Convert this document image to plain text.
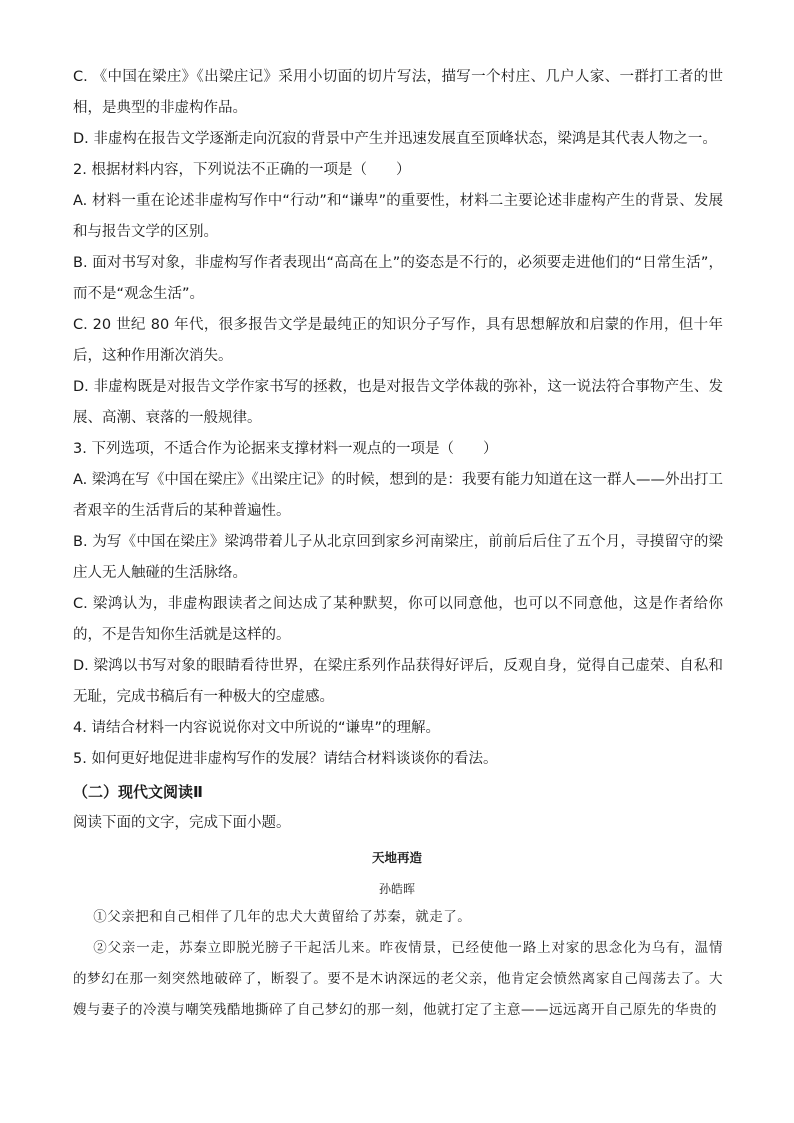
C. 《中国在梁庄》《出梁庄记》采用小切面的切片写法，描写一个村庄、几户人家、一群打工者的世相，是典型的非虚构作品。

D. 非虚构在报告文学逐渐走向沉寂的背景中产生并迅速发展直至顶峰状态，梁鸿是其代表人物之一。

2. 根据材料内容，下列说法不正确的一项是（　　）

A. 材料一重在论述非虚构写作中“行动”和“谦卑”的重要性，材料二主要论述非虚构产生的背景、发展和与报告文学的区别。

B. 面对书写对象，非虚构写作者表现出“高高在上”的姿态是不行的，必须要走进他们的“日常生活”，而不是“观念生活”。

C. 20 世纪 80 年代，很多报告文学是最纯正的知识分子写作，具有思想解放和启蒙的作用，但十年后，这种作用渐次消失。

D. 非虚构既是对报告文学作家书写的拯救，也是对报告文学体裁的弥补，这一说法符合事物产生、发展、高潮、衰落的一般规律。

3. 下列选项，不适合作为论据来支撑材料一观点的一项是（　　）

A. 梁鸿在写《中国在梁庄》《出梁庄记》的时候，想到的是：我要有能力知道在这一群人——外出打工者艰辛的生活背后的某种普遍性。

B. 为写《中国在梁庄》梁鸿带着儿子从北京回到家乡河南梁庄，前前后后住了五个月，寻摸留守的梁庄人无人触碰的生活脉络。

C. 梁鸿认为，非虚构跟读者之间达成了某种默契，你可以同意他，也可以不同意他，这是作者给你的，不是告知你生活就是这样的。

D. 梁鸿以书写对象的眼睛看待世界，在梁庄系列作品获得好评后，反观自身，觉得自己虚荣、自私和无耻，完成书稿后有一种极大的空虚感。

4. 请结合材料一内容说说你对文中所说的“谦卑”的理解。

5. 如何更好地促进非虚构写作的发展？请结合材料谈谈你的看法。

（二）现代文阅读Ⅱ

阅读下面的文字，完成下面小题。

天地再造

孙皓晖

①父亲把和自己相伴了几年的忠犬大黄留给了苏秦，就走了。

②父亲一走，苏秦立即脱光膀子干起活儿来。昨夜情景，已经使他一路上对家的思念化为乌有，温情的梦幻在那一刻突然地破碎了，断裂了。要不是木讷深远的老父亲，他肯定会愤然离家自己闯荡去了。大嫂与妻子的冷漠与嘲笑残酷地撕碎了自己梦幻的那一刻，他就打定了主意——远远离开自己原先的华贵的
